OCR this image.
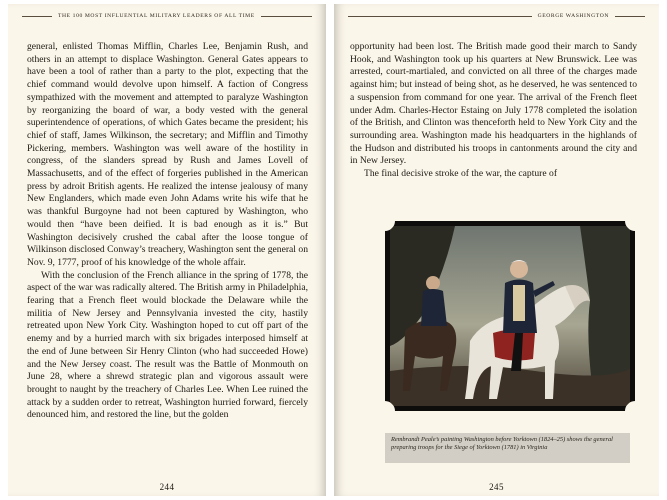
THE 100 MOST INFLUENTIAL MILITARY LEADERS OF ALL TIME

general, enlisted Thomas Mifflin, Charles Lee, Benjamin Rush, and others in an attempt to displace Washington. General Gates appears to have been a tool of rather than a party to the plot, expecting that the chief command would devolve upon himself. A faction of Congress sympathized with the movement and attempted to paralyze Washington by reorganizing the board of war, a body vested with the general superintendence of operations, of which Gates became the president; his chief of staff, James Wilkinson, the secretary; and Mifflin and Timothy Pickering, members. Washington was well aware of the hostility in congress, of the slanders spread by Rush and James Lovell of Massachusetts, and of the effect of forgeries published in the American press by adroit British agents. He realized the intense jealousy of many New Englanders, which made even John Adams write his wife that he was thankful Burgoyne had not been captured by Washington, who would then “have been deified. It is bad enough as it is.” But Washington decisively crushed the cabal after the loose tongue of Wilkinson disclosed Conway’s treachery, Washington sent the general on Nov. 9, 1777, proof of his knowledge of the whole affair.

With the conclusion of the French alliance in the spring of 1778, the aspect of the war was radically altered. The British army in Philadelphia, fearing that a French fleet would blockade the Delaware while the militia of New Jersey and Pennsylvania invested the city, hastily retreated upon New York City. Washington hoped to cut off part of the enemy and by a hurried march with six brigades interposed himself at the end of June between Sir Henry Clinton (who had succeeded Howe) and the New Jersey coast. The result was the Battle of Monmouth on June 28, where a shrewd strategic plan and vigorous assault were brought to naught by the treachery of Charles Lee. When Lee ruined the attack by a sudden order to retreat, Washington hurried forward, fiercely denounced him, and restored the line, but the golden

244
GEORGE WASHINGTON

opportunity had been lost. The British made good their march to Sandy Hook, and Washington took up his quarters at New Brunswick. Lee was arrested, court-martialed, and convicted on all three of the charges made against him; but instead of being shot, as he deserved, he was sentenced to a suspension from command for one year. The arrival of the French fleet under Adm. Charles-Hector Estaing on July 1778 completed the isolation of the British, and Clinton was thenceforth held to New York City and the surrounding area. Washington made his headquarters in the highlands of the Hudson and distributed his troops in cantonments around the city and in New Jersey.

The final decisive stroke of the war, the capture of

Rembrandt Peale’s painting Washington before Yorktown (1824–25) shows the general preparing troops for the Siege of Yorktown (1781) in Virginia
245
